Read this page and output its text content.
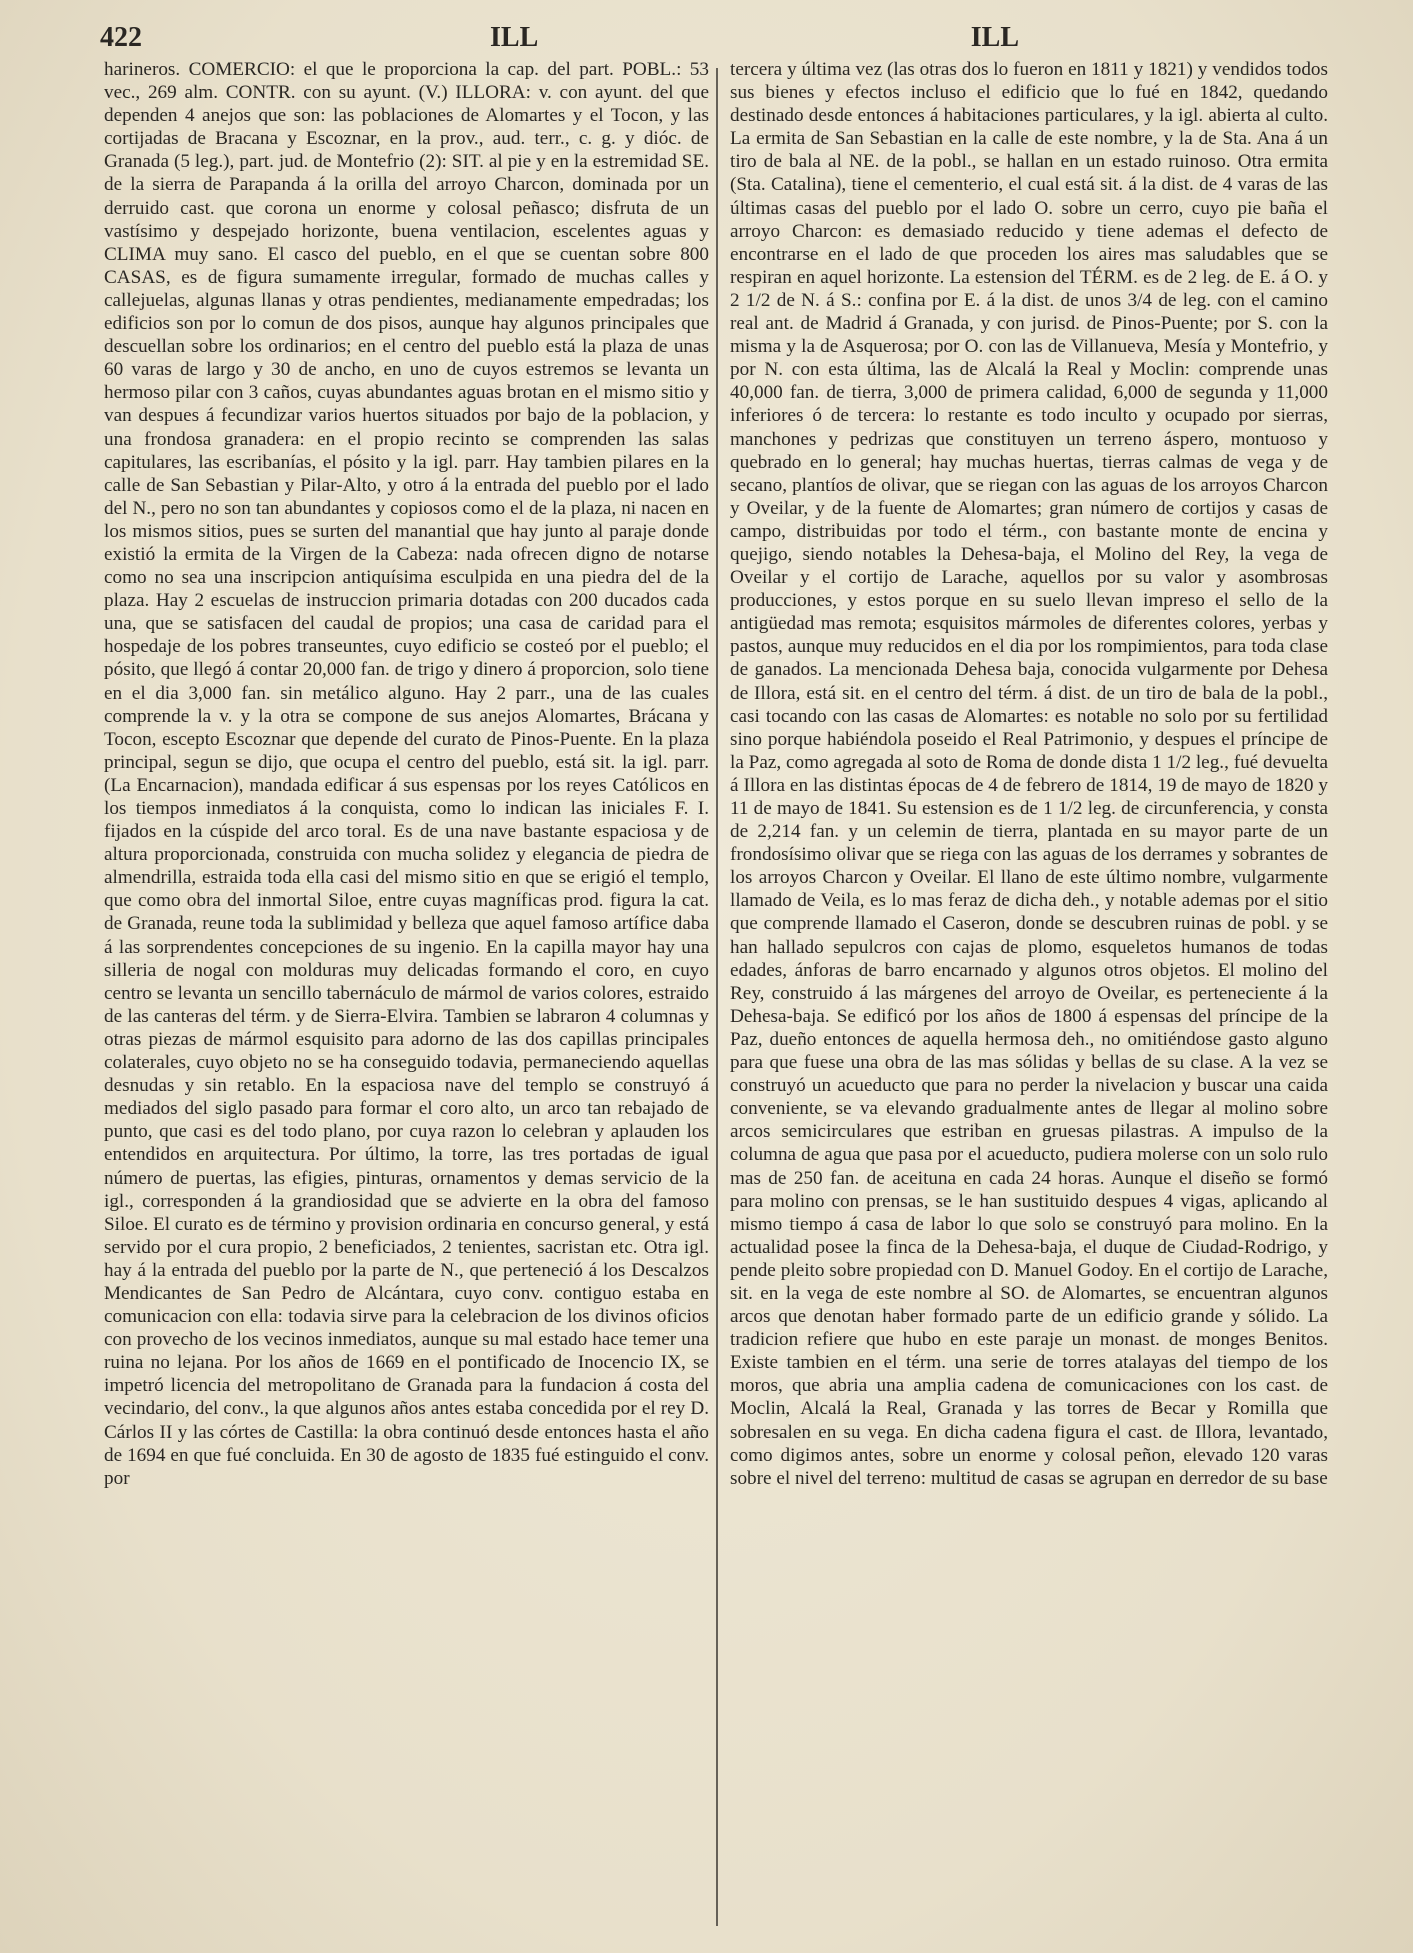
422	ILL	ILL

harineros. COMERCIO: el que le proporciona la cap. del part. POBL.: 53 vec., 269 alm. CONTR. con su ayunt. (V.) ILLORA: v. con ayunt. del que dependen 4 anejos que son: las poblaciones de Alomartes y el Tocon, y las cortijadas de Bracana y Escoznar, en la prov., aud. terr., c. g. y dióc. de Granada (5 leg.), part. jud. de Montefrio (2): SIT. al pie y en la estremidad SE. de la sierra de Parapanda á la orilla del arroyo Charcon, dominada por un derruido cast. que corona un enorme y colosal peñasco; disfruta de un vastísimo y despejado horizonte, buena ventilacion, escelentes aguas y CLIMA muy sano. El casco del pueblo, en el que se cuentan sobre 800 CASAS, es de figura sumamente irregular, formado de muchas calles y callejuelas, algunas llanas y otras pendientes, medianamente empedradas; los edificios son por lo comun de dos pisos, aunque hay algunos principales que descuellan sobre los ordinarios; en el centro del pueblo está la plaza de unas 60 varas de largo y 30 de ancho, en uno de cuyos estremos se levanta un hermoso pilar con 3 caños, cuyas abundantes aguas brotan en el mismo sitio y van despues á fecundizar varios huertos situados por bajo de la poblacion, y una frondosa granadera: en el propio recinto se comprenden las salas capitulares, las escribanías, el pósito y la igl. parr. Hay tambien pilares en la calle de San Sebastian y Pilar-Alto, y otro á la entrada del pueblo por el lado del N., pero no son tan abundantes y copiosos como el de la plaza, ni nacen en los mismos sitios, pues se surten del manantial que hay junto al paraje donde existió la ermita de la Virgen de la Cabeza: nada ofrecen digno de notarse como no sea una inscripcion antiquísima esculpida en una piedra del de la plaza. Hay 2 escuelas de instruccion primaria dotadas con 200 ducados cada una, que se satisfacen del caudal de propios; una casa de caridad para el hospedaje de los pobres transeuntes, cuyo edificio se costeó por el pueblo; el pósito, que llegó á contar 20,000 fan. de trigo y dinero á proporcion, solo tiene en el dia 3,000 fan. sin metálico alguno. Hay 2 parr., una de las cuales comprende la v. y la otra se compone de sus anejos Alomartes, Brácana y Tocon, escepto Escoznar que depende del curato de Pinos-Puente. En la plaza principal, segun se dijo, que ocupa el centro del pueblo, está sit. la igl. parr. (La Encarnacion), mandada edificar á sus espensas por los reyes Católicos en los tiempos inmediatos á la conquista, como lo indican las iniciales F. I. fijados en la cúspide del arco toral. Es de una nave bastante espaciosa y de altura proporcionada, construida con mucha solidez y elegancia de piedra de almendrilla, estraida toda ella casi del mismo sitio en que se erigió el templo, que como obra del inmortal Siloe, entre cuyas magníficas prod. figura la cat. de Granada, reune toda la sublimidad y belleza que aquel famoso artífice daba á las sorprendentes concepciones de su ingenio. En la capilla mayor hay una silleria de nogal con molduras muy delicadas formando el coro, en cuyo centro se levanta un sencillo tabernáculo de mármol de varios colores, estraido de las canteras del térm. y de Sierra-Elvira. Tambien se labraron 4 columnas y otras piezas de mármol esquisito para adorno de las dos capillas principales colaterales, cuyo objeto no se ha conseguido todavia, permaneciendo aquellas desnudas y sin retablo. En la espaciosa nave del templo se construyó á mediados del siglo pasado para formar el coro alto, un arco tan rebajado de punto, que casi es del todo plano, por cuya razon lo celebran y aplauden los entendidos en arquitectura. Por último, la torre, las tres portadas de igual número de puertas, las efigies, pinturas, ornamentos y demas servicio de la igl., corresponden á la grandiosidad que se advierte en la obra del famoso Siloe. El curato es de término y provision ordinaria en concurso general, y está servido por el cura propio, 2 beneficiados, 2 tenientes, sacristan etc. Otra igl. hay á la entrada del pueblo por la parte de N., que perteneció á los Descalzos Mendicantes de San Pedro de Alcántara, cuyo conv. contiguo estaba en comunicacion con ella: todavia sirve para la celebracion de los divinos oficios con provecho de los vecinos inmediatos, aunque su mal estado hace temer una ruina no lejana. Por los años de 1669 en el pontificado de Inocencio IX, se impetró licencia del metropolitano de Granada para la fundacion á costa del vecindario, del conv., la que algunos años antes estaba concedida por el rey D. Cárlos II y las córtes de Castilla: la obra continuó desde entonces hasta el año de 1694 en que fué concluida. En 30 de agosto de 1835 fué estinguido el conv. por

tercera y última vez (las otras dos lo fueron en 1811 y 1821) y vendidos todos sus bienes y efectos incluso el edificio que lo fué en 1842, quedando destinado desde entonces á habitaciones particulares, y la igl. abierta al culto. La ermita de San Sebastian en la calle de este nombre, y la de Sta. Ana á un tiro de bala al NE. de la pobl., se hallan en un estado ruinoso. Otra ermita (Sta. Catalina), tiene el cementerio, el cual está sit. á la dist. de 4 varas de las últimas casas del pueblo por el lado O. sobre un cerro, cuyo pie baña el arroyo Charcon: es demasiado reducido y tiene ademas el defecto de encontrarse en el lado de que proceden los aires mas saludables que se respiran en aquel horizonte. La estension del TÉRM. es de 2 leg. de E. á O. y 2 1/2 de N. á S.: confina por E. á la dist. de unos 3/4 de leg. con el camino real ant. de Madrid á Granada, y con jurisd. de Pinos-Puente; por S. con la misma y la de Asquerosa; por O. con las de Villanueva, Mesía y Montefrio, y por N. con esta última, las de Alcalá la Real y Moclin: comprende unas 40,000 fan. de tierra, 3,000 de primera calidad, 6,000 de segunda y 11,000 inferiores ó de tercera: lo restante es todo inculto y ocupado por sierras, manchones y pedrizas que constituyen un terreno áspero, montuoso y quebrado en lo general; hay muchas huertas, tierras calmas de vega y de secano, plantíos de olivar, que se riegan con las aguas de los arroyos Charcon y Oveilar, y de la fuente de Alomartes; gran número de cortijos y casas de campo, distribuidas por todo el térm., con bastante monte de encina y quejigo, siendo notables la Dehesa-baja, el Molino del Rey, la vega de Oveilar y el cortijo de Larache, aquellos por su valor y asombrosas producciones, y estos porque en su suelo llevan impreso el sello de la antigüedad mas remota; esquisitos mármoles de diferentes colores, yerbas y pastos, aunque muy reducidos en el dia por los rompimientos, para toda clase de ganados. La mencionada Dehesa baja, conocida vulgarmente por Dehesa de Illora, está sit. en el centro del térm. á dist. de un tiro de bala de la pobl., casi tocando con las casas de Alomartes: es notable no solo por su fertilidad sino porque habiéndola poseido el Real Patrimonio, y despues el príncipe de la Paz, como agregada al soto de Roma de donde dista 1 1/2 leg., fué devuelta á Illora en las distintas épocas de 4 de febrero de 1814, 19 de mayo de 1820 y 11 de mayo de 1841. Su estension es de 1 1/2 leg. de circunferencia, y consta de 2,214 fan. y un celemin de tierra, plantada en su mayor parte de un frondosísimo olivar que se riega con las aguas de los derrames y sobrantes de los arroyos Charcon y Oveilar. El llano de este último nombre, vulgarmente llamado de Veila, es lo mas feraz de dicha deh., y notable ademas por el sitio que comprende llamado el Caseron, donde se descubren ruinas de pobl. y se han hallado sepulcros con cajas de plomo, esqueletos humanos de todas edades, ánforas de barro encarnado y algunos otros objetos. El molino del Rey, construido á las márgenes del arroyo de Oveilar, es perteneciente á la Dehesa-baja. Se edificó por los años de 1800 á espensas del príncipe de la Paz, dueño entonces de aquella hermosa deh., no omitiéndose gasto alguno para que fuese una obra de las mas sólidas y bellas de su clase. A la vez se construyó un acueducto que para no perder la nivelacion y buscar una caida conveniente, se va elevando gradualmente antes de llegar al molino sobre arcos semicirculares que estriban en gruesas pilastras. A impulso de la columna de agua que pasa por el acueducto, pudiera molerse con un solo rulo mas de 250 fan. de aceituna en cada 24 horas. Aunque el diseño se formó para molino con prensas, se le han sustituido despues 4 vigas, aplicando al mismo tiempo á casa de labor lo que solo se construyó para molino. En la actualidad posee la finca de la Dehesa-baja, el duque de Ciudad-Rodrigo, y pende pleito sobre propiedad con D. Manuel Godoy. En el cortijo de Larache, sit. en la vega de este nombre al SO. de Alomartes, se encuentran algunos arcos que denotan haber formado parte de un edificio grande y sólido. La tradicion refiere que hubo en este paraje un monast. de monges Benitos. Existe tambien en el térm. una serie de torres atalayas del tiempo de los moros, que abria una amplia cadena de comunicaciones con los cast. de Moclin, Alcalá la Real, Granada y las torres de Becar y Romilla que sobresalen en su vega. En dicha cadena figura el cast. de Illora, levantado, como digimos antes, sobre un enorme y colosal peñon, elevado 120 varas sobre el nivel del terreno: multitud de casas se agrupan en derredor de su base
